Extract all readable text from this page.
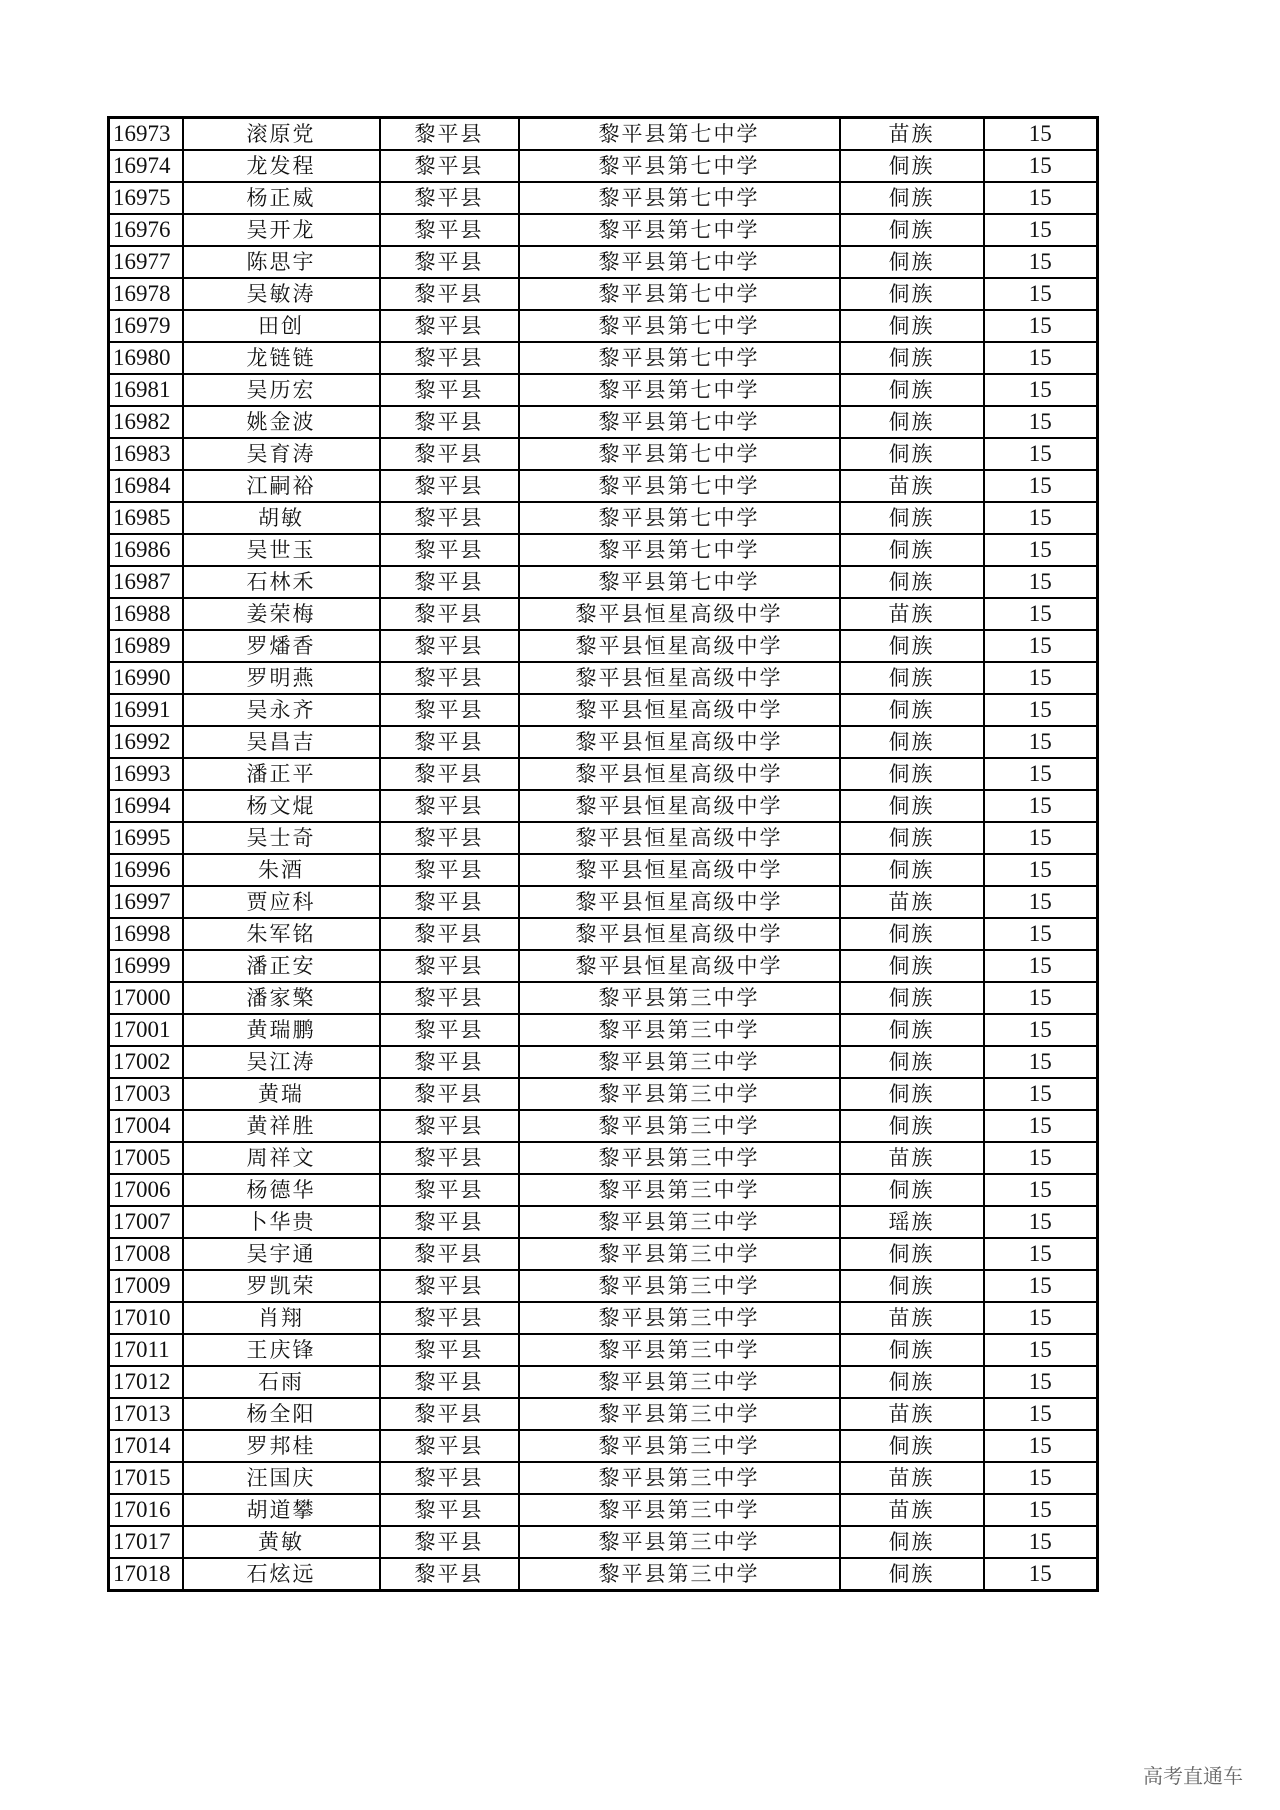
16973	滚原党	黎平县	黎平县第七中学	苗族	15
16974	龙发程	黎平县	黎平县第七中学	侗族	15
16975	杨正威	黎平县	黎平县第七中学	侗族	15
16976	吴开龙	黎平县	黎平县第七中学	侗族	15
16977	陈思宇	黎平县	黎平县第七中学	侗族	15
16978	吴敏涛	黎平县	黎平县第七中学	侗族	15
16979	田创	黎平县	黎平县第七中学	侗族	15
16980	龙链链	黎平县	黎平县第七中学	侗族	15
16981	吴历宏	黎平县	黎平县第七中学	侗族	15
16982	姚金波	黎平县	黎平县第七中学	侗族	15
16983	吴育涛	黎平县	黎平县第七中学	侗族	15
16984	江嗣裕	黎平县	黎平县第七中学	苗族	15
16985	胡敏	黎平县	黎平县第七中学	侗族	15
16986	吴世玉	黎平县	黎平县第七中学	侗族	15
16987	石林禾	黎平县	黎平县第七中学	侗族	15
16988	姜荣梅	黎平县	黎平县恒星高级中学	苗族	15
16989	罗燔香	黎平县	黎平县恒星高级中学	侗族	15
16990	罗明燕	黎平县	黎平县恒星高级中学	侗族	15
16991	吴永齐	黎平县	黎平县恒星高级中学	侗族	15
16992	吴昌吉	黎平县	黎平县恒星高级中学	侗族	15
16993	潘正平	黎平县	黎平县恒星高级中学	侗族	15
16994	杨文焜	黎平县	黎平县恒星高级中学	侗族	15
16995	吴士奇	黎平县	黎平县恒星高级中学	侗族	15
16996	朱酒	黎平县	黎平县恒星高级中学	侗族	15
16997	贾应科	黎平县	黎平县恒星高级中学	苗族	15
16998	朱军铭	黎平县	黎平县恒星高级中学	侗族	15
16999	潘正安	黎平县	黎平县恒星高级中学	侗族	15
17000	潘家檠	黎平县	黎平县第三中学	侗族	15
17001	黄瑞鹏	黎平县	黎平县第三中学	侗族	15
17002	吴江涛	黎平县	黎平县第三中学	侗族	15
17003	黄瑞	黎平县	黎平县第三中学	侗族	15
17004	黄祥胜	黎平县	黎平县第三中学	侗族	15
17005	周祥文	黎平县	黎平县第三中学	苗族	15
17006	杨德华	黎平县	黎平县第三中学	侗族	15
17007	卜华贵	黎平县	黎平县第三中学	瑶族	15
17008	吴宇通	黎平县	黎平县第三中学	侗族	15
17009	罗凯荣	黎平县	黎平县第三中学	侗族	15
17010	肖翔	黎平县	黎平县第三中学	苗族	15
17011	王庆锋	黎平县	黎平县第三中学	侗族	15
17012	石雨	黎平县	黎平县第三中学	侗族	15
17013	杨全阳	黎平县	黎平县第三中学	苗族	15
17014	罗邦桂	黎平县	黎平县第三中学	侗族	15
17015	汪国庆	黎平县	黎平县第三中学	苗族	15
17016	胡道攀	黎平县	黎平县第三中学	苗族	15
17017	黄敏	黎平县	黎平县第三中学	侗族	15
17018	石炫远	黎平县	黎平县第三中学	侗族	15
高考直通车
